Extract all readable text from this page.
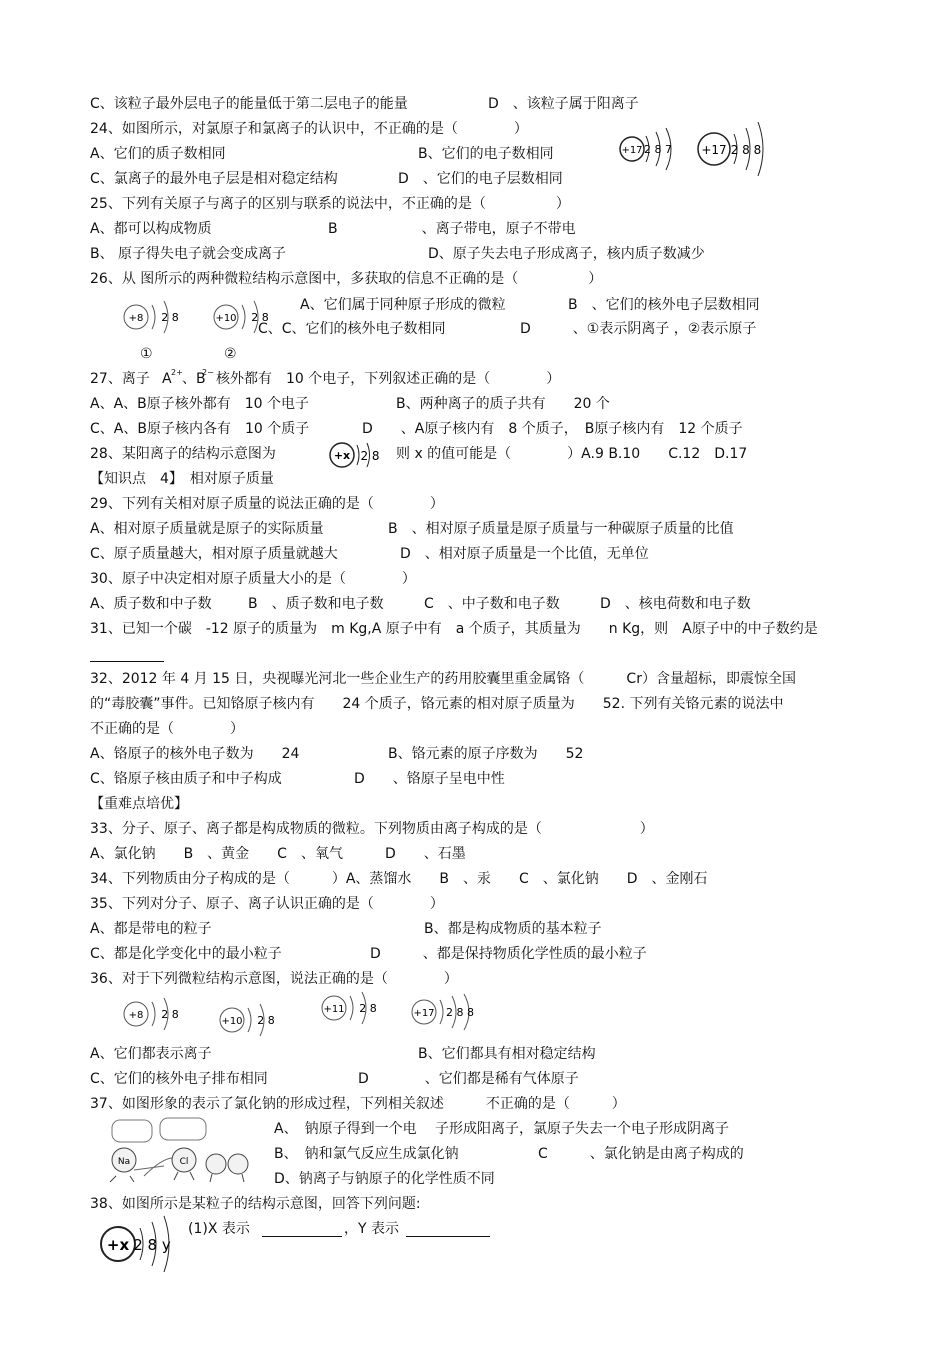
C、该粒子最外层电子的能量低于第二层电子的能量	D　、该粒子属于阳离子
24、如图所示，对氯原子和氯离子的认识中，不正确的是（　　　　）
A、它们的质子数相同	B、它们的电子数相同
C、氯离子的最外电子层是相对稳定结构	D　、它们的电子层数相同
+17 2 8 7 +17 2 8 8
25、下列有关原子与离子的区别与联系的说法中，不正确的是（　　　　　）
A、都可以构成物质	B　　　　　　、离子带电，原子不带电
B、 原子得失电子就会变成离子	D、原子失去电子形成离子，核内质子数减少
26、从 图所示的两种微粒结构示意图中，多获取的信息不正确的是（　　　　　）
+8 2 8	+10 2 8
A、它们属于同种原子形成的微粒	B　、它们的核外电子层数相同
C、C、它们的核外电子数相同	D　　　、①表示阴离子 ，②表示原子
①	②
27、离子 A 2+ 、B
2− 核外都有　10 个电子，下列叙述正确的是（　　　　）
A、A、B原子核外都有　10 个电子	B、两种离子的质子共有　　20 个
C、A、B原子核内各有　10 个质子	D　　、A原子核内有　8 个质子，　B原子核内有　12 个质子
28、某阳离子的结构示意图为	则 x 的值可能是（　　　　）A.9 B.10　　C.12　D.17
+x 2 8
【知识点　4】　相对原子质量
29、下列有关相对原子质量的说法正确的是（　　　　）
A、相对原子质量就是原子的实际质量	B　、相对原子质量是原子质量与一种碳原子质量的比值
C、原子质量越大，相对原子质量就越大	D　、相对原子质量是一个比值，无单位
30、原子中决定相对原子质量大小的是（　　　　）
A、质子数和中子数	B　、质子数和电子数	C　、中子数和电子数	D　、核电荷数和电子数
31、已知一个碳　-12 原子的质量为　m Kg,A 原子中有　a 个质子，其质量为　　n Kg，则　A原子中的中子数约是
32、2012 年 4 月 15 日，央视曝光河北一些企业生产的药用胶囊里重金属铬（　　　Cr）含量超标，即震惊全国
的“毒胶囊”事件。已知铬原子核内有　　24 个质子，铬元素的相对原子质量为　　52. 下列有关铬元素的说法中
不正确的是（　　　　）
A、铬原子的核外电子数为　　24	B、铬元素的原子序数为　　52
C、铬原子核由质子和中子构成	D　　、铬原子呈电中性
【重难点培优】
33、分子、原子、离子都是构成物质的微粒。下列物质由离子构成的是（　　　　　　　）
A、氯化钠　　B　、黄金　　C　、氧气　　　D　　、石墨
34、下列物质由分子构成的是（　　　）A、蒸馏水　　B　、汞　　C　、氯化钠　　D　、金刚石
35、下列对分子、原子、离子认识正确的是（　　　　）
A、都是带电的粒子	B、都是构成物质的基本粒子
C、都是化学变化中的最小粒子	D　　　、都是保持物质化学性质的最小粒子
36、对于下列微粒结构示意图，说法正确的是（　　　　）
+8 2 8
+10 2 8
+11 2 8	+17 2 8 8
A、它们都表示离子	B、它们都具有相对稳定结构
C、它们的核外电子排布相同	D　　　　、它们都是稀有气体原子
37、如图形象的表示了氯化钠的形成过程，下列相关叙述　　　不正确的是（　　　）
Na	Cl
A、　钠原子得到一个电　 子形成阳离子，氯原子失去一个电子形成阴离子
B、　钠和氯气反应生成氯化钠	C　　　、氯化钠是由离子构成的
D、钠离子与钠原子的化学性质不同
38、如图所示是某粒子的结构示意图，回答下列问题:
+x 2 8 y
(1)X 表示	，Y 表示
